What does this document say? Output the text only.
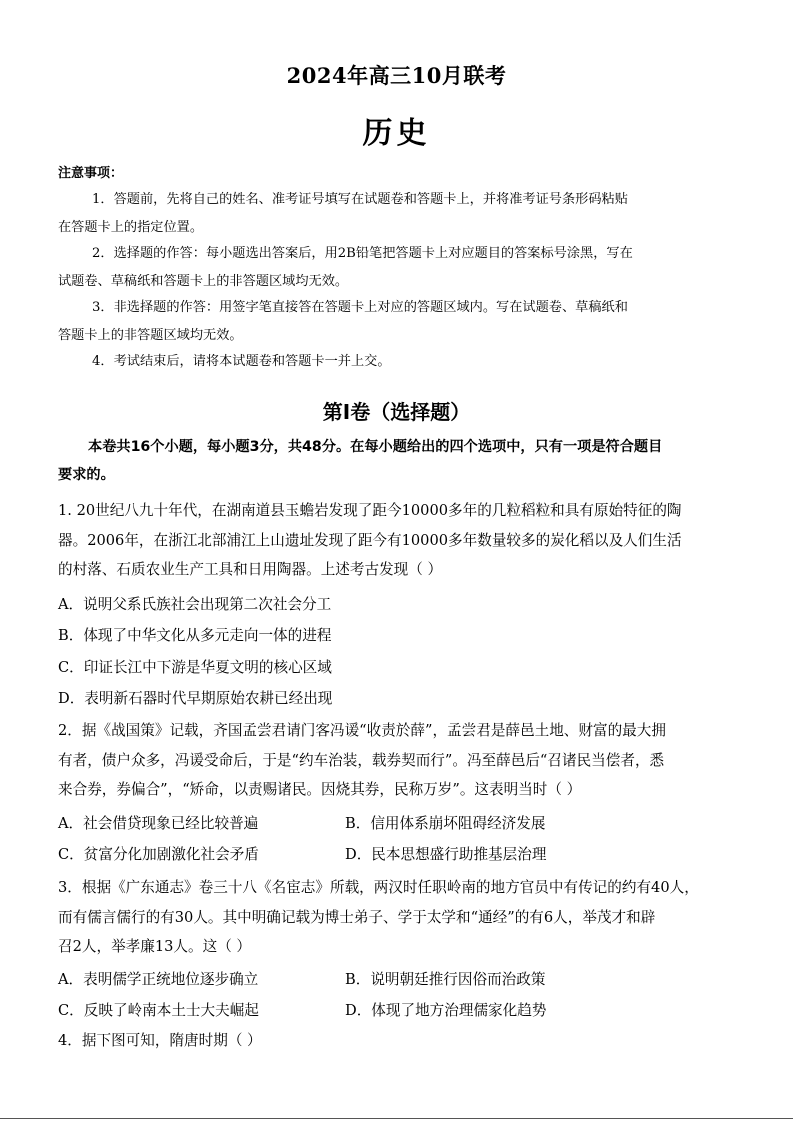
2024年高三10月联考
历史
注意事项：
1．答题前，先将自己的姓名、准考证号填写在试题卷和答题卡上，并将准考证号条形码粘贴
在答题卡上的指定位置。
2．选择题的作答：每小题选出答案后，用2B铅笔把答题卡上对应题目的答案标号涂黑，写在
试题卷、草稿纸和答题卡上的非答题区域均无效。
3．非选择题的作答：用签字笔直接答在答题卡上对应的答题区域内。写在试题卷、草稿纸和
答题卡上的非答题区域均无效。
4．考试结束后，请将本试题卷和答题卡一并上交。
第Ⅰ卷（选择题）
本卷共16个小题，每小题3分，共48分。在每小题给出的四个选项中，只有一项是符合题目
要求的。
1. 20世纪八九十年代，在湖南道县玉蟾岩发现了距今10000多年的几粒稻粒和具有原始特征的陶
器。2006年，在浙江北部浦江上山遗址发现了距今有10000多年数量较多的炭化稻以及人们生活
的村落、石质农业生产工具和日用陶器。上述考古发现（ ）
A．说明父系氏族社会出现第二次社会分工
B．体现了中华文化从多元走向一体的进程
C．印证长江中下游是华夏文明的核心区域
D．表明新石器时代早期原始农耕已经出现
2．据《战国策》记载，齐国孟尝君请门客冯谖“收责於薛”，孟尝君是薛邑土地、财富的最大拥
有者，债户众多，冯谖受命后，于是“约车治装，载券契而行”。冯至薛邑后“召诸民当偿者，悉
来合券，券偏合”，“矫命，以责赐诸民。因烧其券，民称万岁”。这表明当时（ ）
A．社会借贷现象已经比较普遍	B．信用体系崩坏阻碍经济发展
C．贫富分化加剧激化社会矛盾	D．民本思想盛行助推基层治理
3．根据《广东通志》卷三十八《名宦志》所载，两汉时任职岭南的地方官员中有传记的约有40人，
而有儒言儒行的有30人。其中明确记载为博士弟子、学于太学和“通经”的有6人，举茂才和辟
召2人，举孝廉13人。这（ ）
A．表明儒学正统地位逐步确立	B．说明朝廷推行因俗而治政策
C．反映了岭南本土士大夫崛起	D．体现了地方治理儒家化趋势
4．据下图可知，隋唐时期（ ）
